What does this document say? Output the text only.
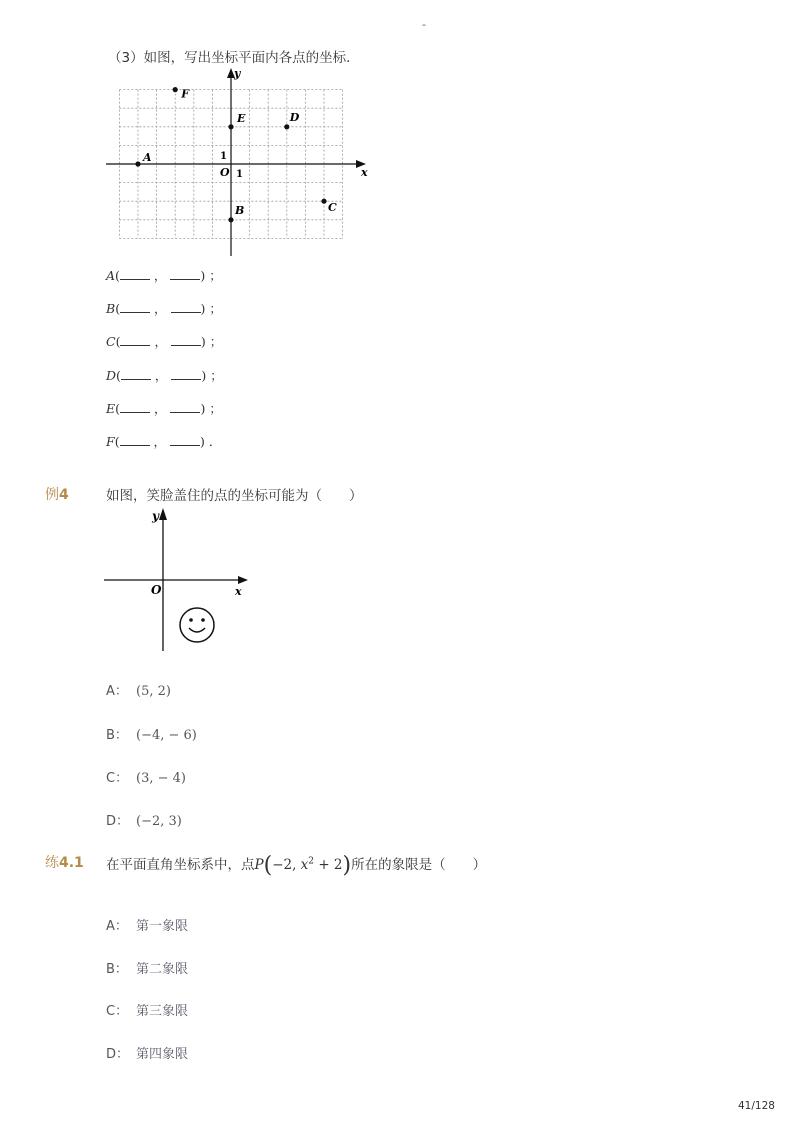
-
（3）如图，写出坐标平面内各点的坐标．
x
y
O 1
1
A
B	C
D
E
F
A( ， ) ；
B( ， ) ；
C( ， ) ；
D( ， ) ；
E( ， ) ；
F( ， ) ．
例4	如图，笑脸盖住的点的坐标可能为（　　）
y
x
O
A： (5, 2)
B： (−4, − 6)
C： (3, − 4)
D： (−2, 3)
练4.1 在平面直角坐标系中，点P(−2, $x^2 + 2$)所在的象限是（　　）
A： 第一象限
B： 第二象限
C： 第三象限
D： 第四象限
41/128
